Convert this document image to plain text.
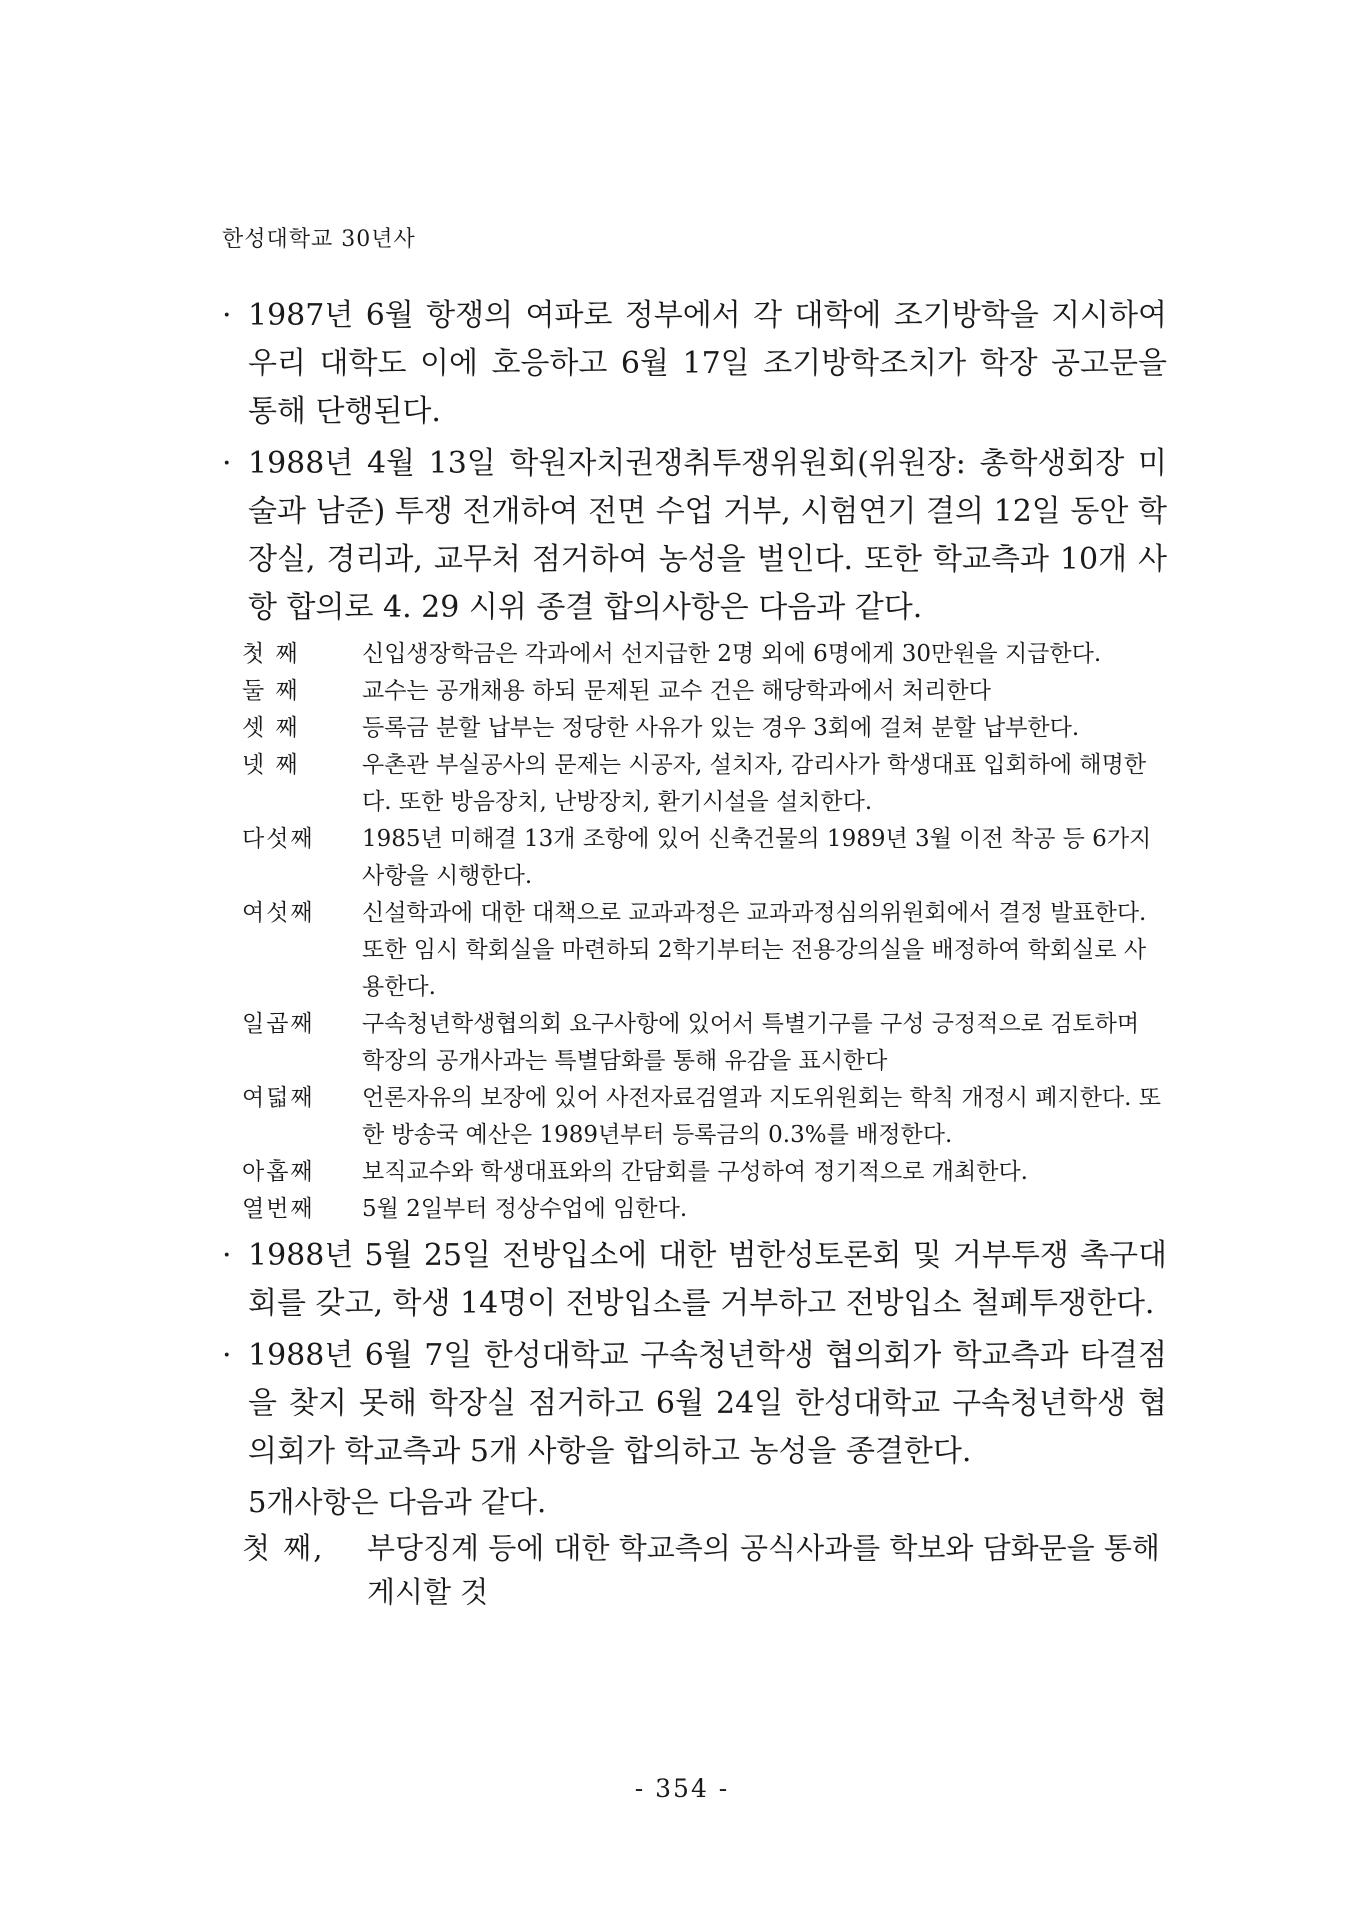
한성대학교 30년사
· 1987년 6월 항쟁의 여파로 정부에서 각 대학에 조기방학을 지시하여 우리 대학도 이에 호응하고 6월 17일 조기방학조치가 학장 공고문을 통해 단행된다.
· 1988년 4월 13일 학원자치권쟁취투쟁위원회(위원장: 총학생회장 미술과 남준) 투쟁 전개하여 전면 수업 거부, 시험연기 결의 12일 동안 학장실, 경리과, 교무처 점거하여 농성을 벌인다. 또한 학교측과 10개 사항 합의로 4. 29 시위 종결 합의사항은 다음과 같다.
첫 째	신입생장학금은 각과에서 선지급한 2명 외에 6명에게 30만원을 지급한다.
둘 째	교수는 공개채용 하되 문제된 교수 건은 해당학과에서 처리한다
셋 째	등록금 분할 납부는 정당한 사유가 있는 경우 3회에 걸쳐 분할 납부한다.
넷 째	우촌관 부실공사의 문제는 시공자, 설치자, 감리사가 학생대표 입회하에 해명한다. 또한 방음장치, 난방장치, 환기시설을 설치한다.
다섯째	1985년 미해결 13개 조항에 있어 신축건물의 1989년 3월 이전 착공 등 6가지 사항을 시행한다.
여섯째	신설학과에 대한 대책으로 교과과정은 교과과정심의위원회에서 결정 발표한다. 또한 임시 학회실을 마련하되 2학기부터는 전용강의실을 배정하여 학회실로 사용한다.
일곱째	구속청년학생협의회 요구사항에 있어서 특별기구를 구성 긍정적으로 검토하며 학장의 공개사과는 특별담화를 통해 유감을 표시한다
여덟째	언론자유의 보장에 있어 사전자료검열과 지도위원회는 학칙 개정시 폐지한다. 또한 방송국 예산은 1989년부터 등록금의 0.3%를 배정한다.
아홉째	보직교수와 학생대표와의 간담회를 구성하여 정기적으로 개최한다.
열번째	5월 2일부터 정상수업에 임한다.
· 1988년 5월 25일 전방입소에 대한 범한성토론회 및 거부투쟁 촉구대회를 갖고, 학생 14명이 전방입소를 거부하고 전방입소 철폐투쟁한다.
· 1988년 6월 7일 한성대학교 구속청년학생 협의회가 학교측과 타결점을 찾지 못해 학장실 점거하고 6월 24일 한성대학교 구속청년학생 협의회가 학교측과 5개 사항을 합의하고 농성을 종결한다.
5개사항은 다음과 같다.
첫 째,	부당징계 등에 대한 학교측의 공식사과를 학보와 담화문을 통해 게시할 것
- 354 -
